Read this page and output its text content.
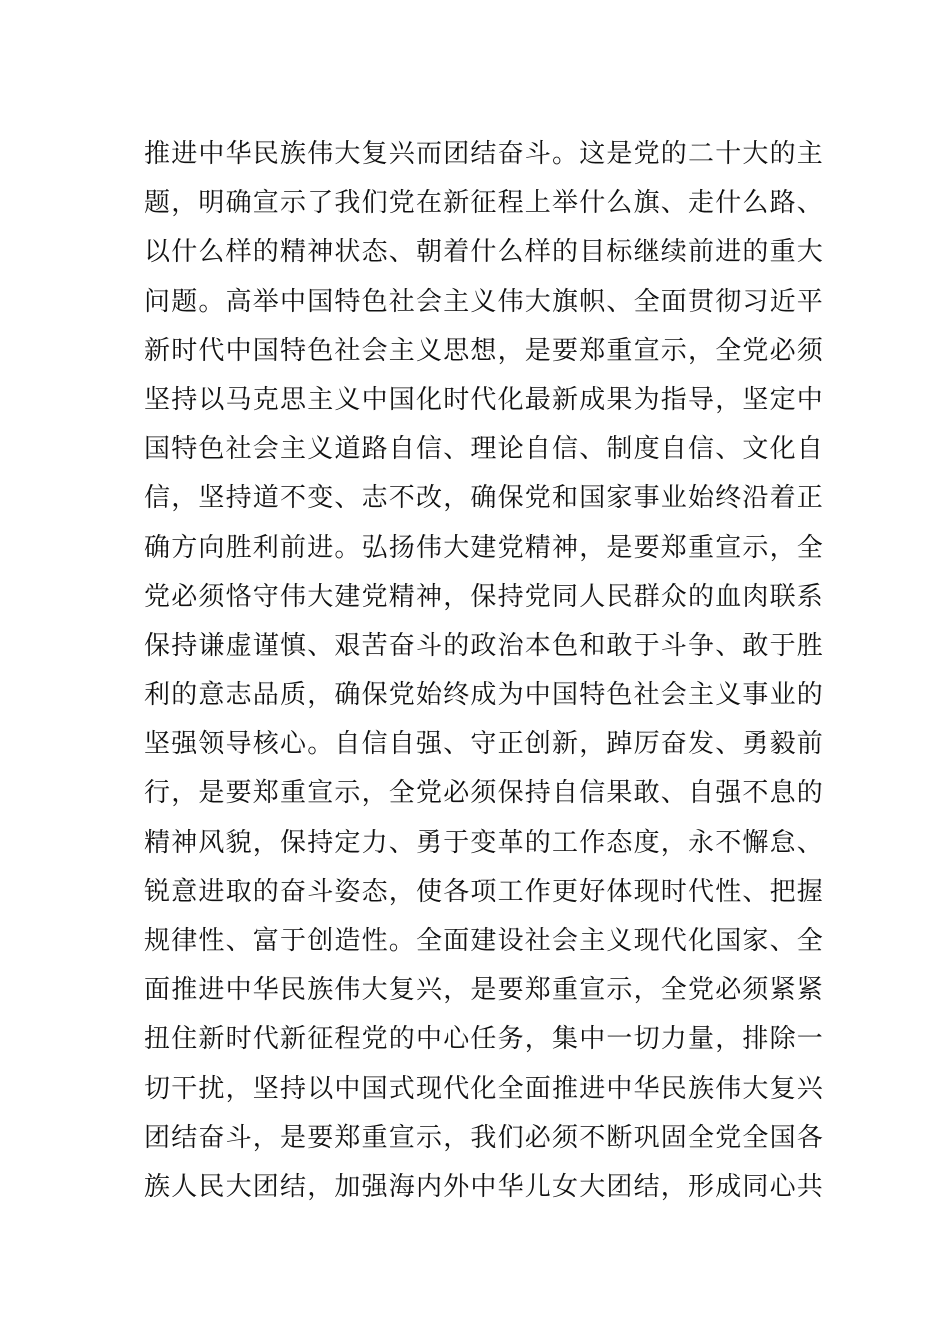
推进中华民族伟大复兴而团结奋斗。这是党的二十大的主
题，明确宣示了我们党在新征程上举什么旗、走什么路、
以什么样的精神状态、朝着什么样的目标继续前进的重大
问题。高举中国特色社会主义伟大旗帜、全面贯彻习近平
新时代中国特色社会主义思想，是要郑重宣示，全党必须
坚持以马克思主义中国化时代化最新成果为指导，坚定中
国特色社会主义道路自信、理论自信、制度自信、文化自
信，坚持道不变、志不改，确保党和国家事业始终沿着正
确方向胜利前进。弘扬伟大建党精神，是要郑重宣示，全
党必须恪守伟大建党精神，保持党同人民群众的血肉联系
保持谦虚谨慎、艰苦奋斗的政治本色和敢于斗争、敢于胜
利的意志品质，确保党始终成为中国特色社会主义事业的
坚强领导核心。自信自强、守正创新，踔厉奋发、勇毅前
行，是要郑重宣示，全党必须保持自信果敢、自强不息的
精神风貌，保持定力、勇于变革的工作态度，永不懈怠、
锐意进取的奋斗姿态，使各项工作更好体现时代性、把握
规律性、富于创造性。全面建设社会主义现代化国家、全
面推进中华民族伟大复兴，是要郑重宣示，全党必须紧紧
扭住新时代新征程党的中心任务，集中一切力量，排除一
切干扰，坚持以中国式现代化全面推进中华民族伟大复兴
团结奋斗，是要郑重宣示，我们必须不断巩固全党全国各
族人民大团结，加强海内外中华儿女大团结，形成同心共
